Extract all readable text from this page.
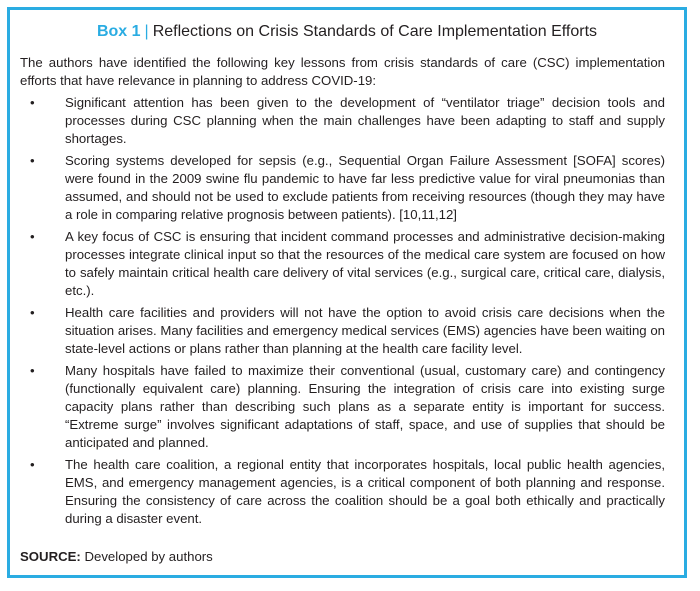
Box 1 | Reflections on Crisis Standards of Care Implementation Efforts

The authors have identified the following key lessons from crisis standards of care (CSC) implementation efforts that have relevance in planning to address COVID-19:

• Significant attention has been given to the development of “ventilator triage” decision tools and processes during CSC planning when the main challenges have been adapting to staff and supply shortages.
• Scoring systems developed for sepsis (e.g., Sequential Organ Failure Assessment [SOFA] scores) were found in the 2009 swine flu pandemic to have far less predictive value for viral pneumonias than assumed, and should not be used to exclude patients from receiving resources (though they may have a role in comparing relative prognosis between patients). [10,11,12]
• A key focus of CSC is ensuring that incident command processes and administrative decision-making processes integrate clinical input so that the resources of the medical care system are focused on how to safely maintain critical health care delivery of vital services (e.g., surgical care, critical care, dialysis, etc.).
• Health care facilities and providers will not have the option to avoid crisis care decisions when the situation arises. Many facilities and emergency medical services (EMS) agencies have been waiting on state-level actions or plans rather than planning at the health care facility level.
• Many hospitals have failed to maximize their conventional (usual, customary care) and contingency (functionally equivalent care) planning. Ensuring the integration of crisis care into existing surge capacity plans rather than describing such plans as a separate entity is important for success. “Extreme surge” involves significant adaptations of staff, space, and use of supplies that should be anticipated and planned.
• The health care coalition, a regional entity that incorporates hospitals, local public health agencies, EMS, and emergency management agencies, is a critical component of both planning and response. Ensuring the consistency of care across the coalition should be a goal both ethically and practically during a disaster event.
SOURCE: Developed by authors
